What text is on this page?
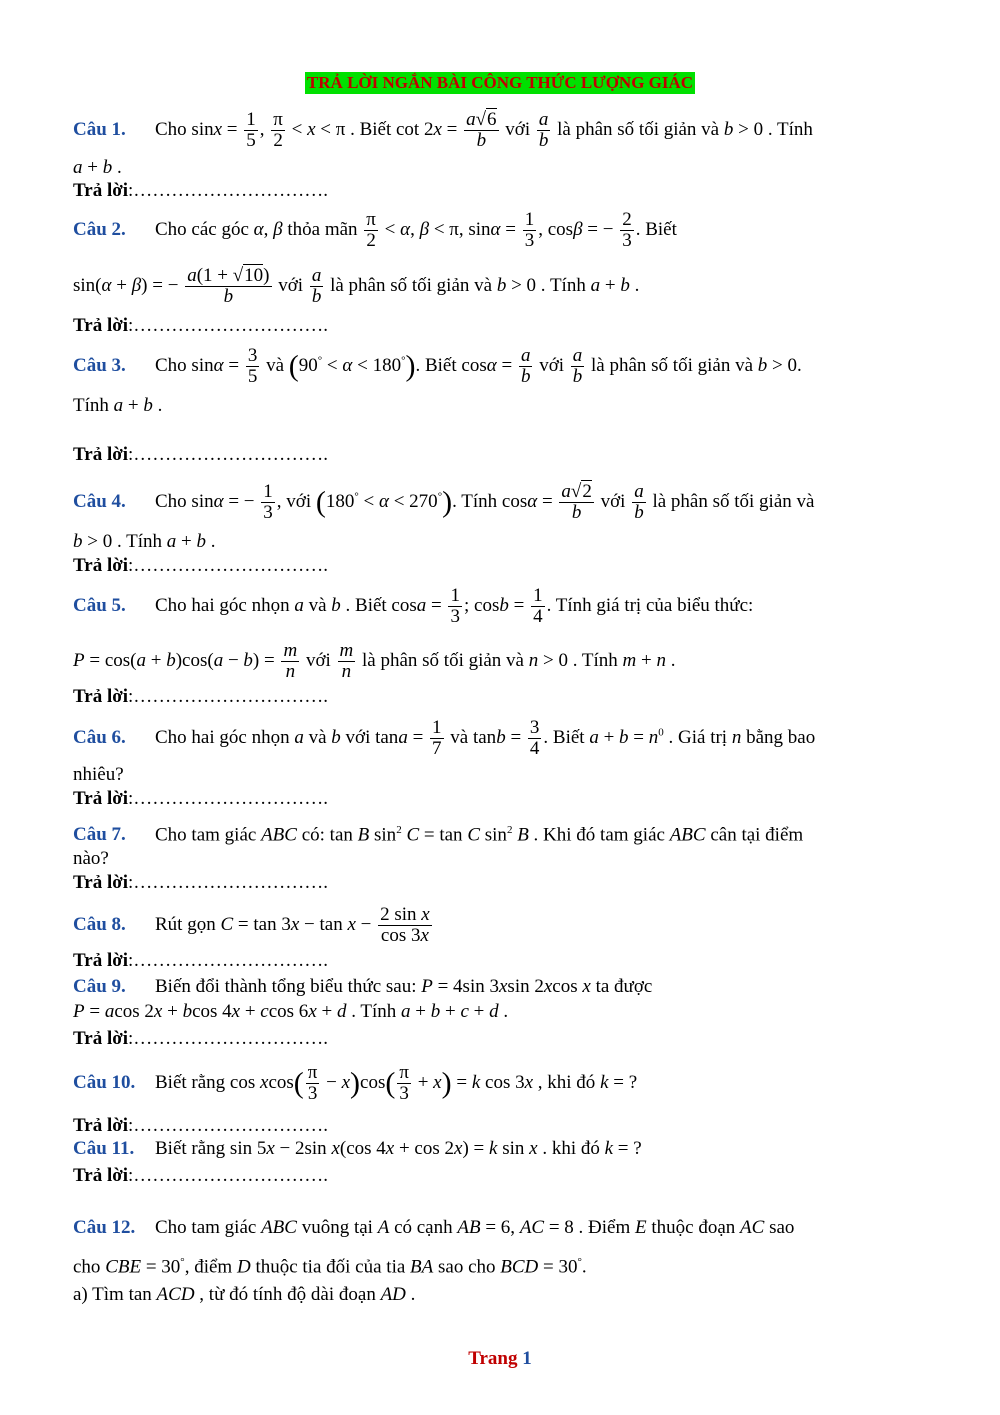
TRẢ LỜI NGẮN BÀI CÔNG THỨC LƯỢNG GIÁC
Câu 1. Cho $\sin x = \frac{1}{5}$ , $\frac{\pi}{2} < x < \pi$ . Biết $\cot 2x = \frac{a√6}{b}$ với $\frac{a}{b}$ là phân số tối giản và b > 0 . Tính
a + b .
Trả lời:………………………….
Câu 2. Cho các góc α, β thỏa mãn $\frac{\pi}{2} < \alpha$, β < π, $\sin\alpha = \frac{1}{3}$ , cosβ = − $\frac{2}{3}$ . Biết
sin(α + β) = − $\frac{a(1 + √10)}{b}$ với $\frac{a}{b}$ là phân số tối giản và b > 0 . Tính a + b .
Trả lời:………………………….
Câu 3. Cho $\sin\alpha = \frac{3}{5}$ và (90° < α < 180°). Biết $\cos\alpha = \frac{a}{b}$ với $\frac{a}{b}$ là phân số tối giản và b > 0.
Tính a + b .
Trả lời:………………………….
Câu 4. Cho sinα = − $\frac{1}{3}$ , với (180° < α < 270°). Tính $\cos\alpha = \frac{a√2}{b}$ với $\frac{a}{b}$ là phân số tối giản và
b > 0 . Tính a + b .
Trả lời:………………………….
Câu 5. Cho hai góc nhọn a và b . Biết $\cos a = \frac{1}{3}$ ; $\cos b = \frac{1}{4}$ . Tính giá trị của biểu thức:
$P = \cos(a + b)\cos(a - b) = \frac{m}{n}$ với $\frac{m}{n}$ là phân số tối giản và n > 0 . Tính m + n .
Trả lời:………………………….
Câu 6. Cho hai góc nhọn a và b với $\tan a = \frac{1}{7}$ và $\tan b = \frac{3}{4}$ . Biết $a + b = n^0$ . Giá trị n bằng bao
nhiêu?
Trả lời:………………………….
Câu 7. Cho tam giác ABC có: tan B $\sin^2 C = \tan C$ $\sin^2 B$ . Khi đó tam giác ABC cân tại điểm
nào?
Trả lời:………………………….
Câu 8. Rút gọn $C = \tan 3x - \tan x - \frac{\text{2 sin x}}{\cos 3x}$
Trả lời:………………………….
Câu 9. Biến đổi thành tổng biểu thức sau: P = 4sin 3xsin 2xcos x ta được
P = acos 2x + bcos 4x + ccos 6x + d . Tính a + b + c + d .
Trả lời:………………………….
Câu 10. Biết rằng $\cos xcos( \frac{\pi}{3} - x)\cos( \frac{\pi}{3} + x) = k$ cos 3x , khi đó k = ?
Trả lời:………………………….
Câu 11. Biết rằng sin 5x − 2sin x(cos 4x + cos 2x) = k sin x . khi đó k = ?
Trả lời:………………………….
Câu 12. Cho tam giác ABC vuông tại A có cạnh AB = 6, AC = 8 . Điểm E thuộc đoạn AC sao
cho CBE = 30°, điểm D thuộc tia đối của tia BA sao cho BCD = 30°.
a) Tìm tan ACD , từ đó tính độ dài đoạn AD .
Trang 1
